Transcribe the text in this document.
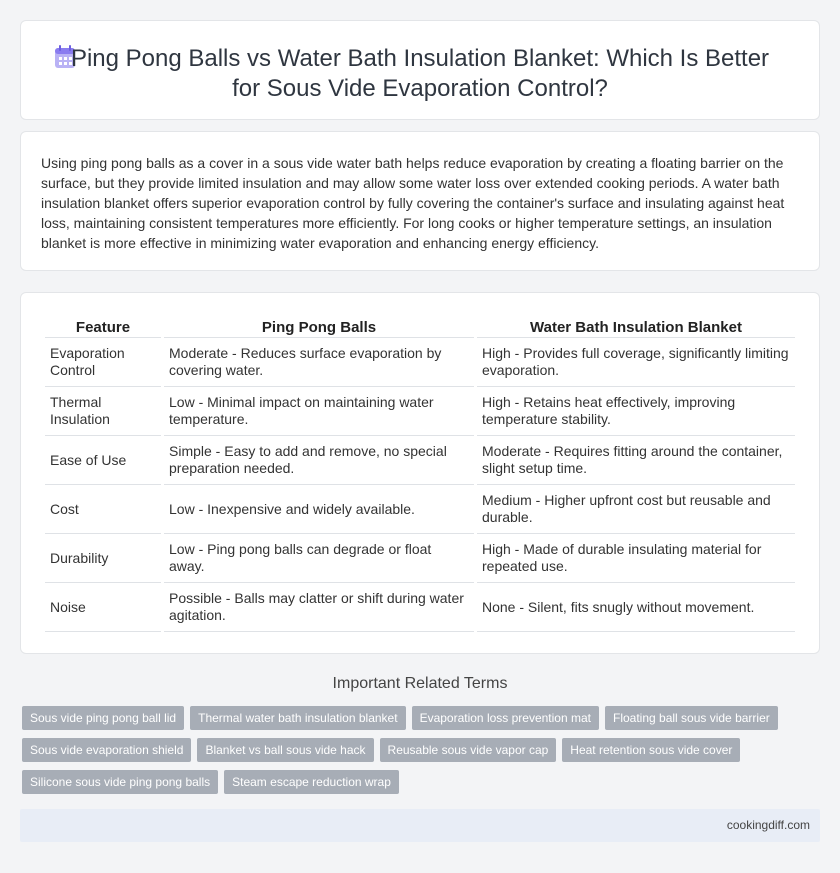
Ping Pong Balls vs Water Bath Insulation Blanket: Which Is Better for Sous Vide Evaporation Control?

Using ping pong balls as a cover in a sous vide water bath helps reduce evaporation by creating a floating barrier on the surface, but they provide limited insulation and may allow some water loss over extended cooking periods. A water bath insulation blanket offers superior evaporation control by fully covering the container's surface and insulating against heat loss, maintaining consistent temperatures more efficiently. For long cooks or higher temperature settings, an insulation blanket is more effective in minimizing water evaporation and enhancing energy efficiency.

Feature	Ping Pong Balls	Water Bath Insulation Blanket
Evaporation Control	Moderate - Reduces surface evaporation by covering water.	High - Provides full coverage, significantly limiting evaporation.
Thermal Insulation	Low - Minimal impact on maintaining water temperature.	High - Retains heat effectively, improving temperature stability.
Ease of Use	Simple - Easy to add and remove, no special preparation needed.	Moderate - Requires fitting around the container, slight setup time.
Cost	Low - Inexpensive and widely available.	Medium - Higher upfront cost but reusable and durable.
Durability	Low - Ping pong balls can degrade or float away.	High - Made of durable insulating material for repeated use.
Noise	Possible - Balls may clatter or shift during water agitation.	None - Silent, fits snugly without movement.
Important Related Terms
Sous vide ping pong ball lid	Thermal water bath insulation blanket	Evaporation loss prevention mat	Floating ball sous vide barrier
Sous vide evaporation shield	Blanket vs ball sous vide hack	Reusable sous vide vapor cap	Heat retention sous vide cover
Silicone sous vide ping pong balls	Steam escape reduction wrap
cookingdiff.com
